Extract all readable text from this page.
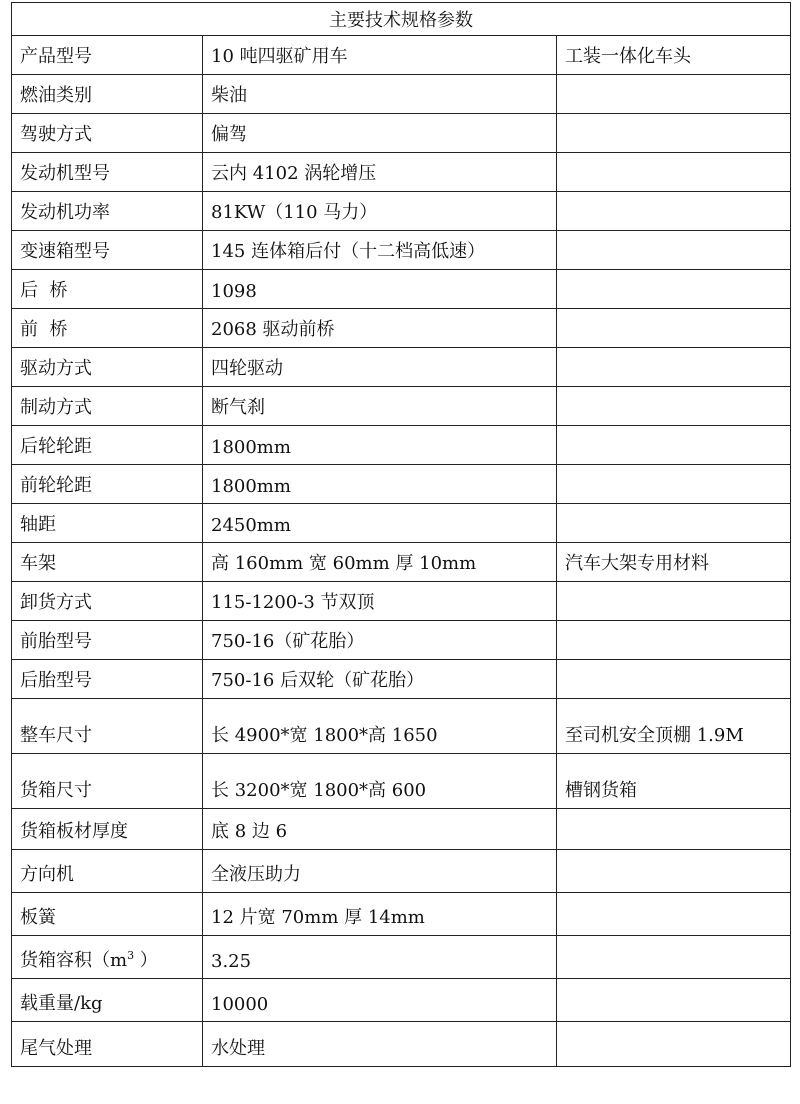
主要技术规格参数		
产品型号	10 吨四驱矿用车	工装一体化车头
燃油类别	柴油	
驾驶方式	偏驾	
发动机型号	云内 4102 涡轮增压	
发动机功率	81KW（110 马力）	
变速箱型号	145 连体箱后付（十二档高低速）	
后  桥	1098	
前  桥	2068 驱动前桥	
驱动方式	四轮驱动	
制动方式	断气刹	
后轮轮距	1800mm	
前轮轮距	1800mm	
轴距	2450mm	
车架	高 160mm 宽 60mm 厚 10mm	汽车大架专用材料
卸货方式	115-1200-3 节双顶	
前胎型号	750-16（矿花胎）	
后胎型号	750-16 后双轮（矿花胎）	
整车尺寸	长 4900*宽 1800*高 1650	至司机安全顶棚 1.9M
货箱尺寸	长 3200*宽 1800*高 600	槽钢货箱
货箱板材厚度	底 8 边 6	
方向机	全液压助力	
板簧	12 片宽 70mm 厚 14mm	
货箱容积（$m^3$ ）	3.25	
载重量/kg	10000	
尾气处理	水处理	
